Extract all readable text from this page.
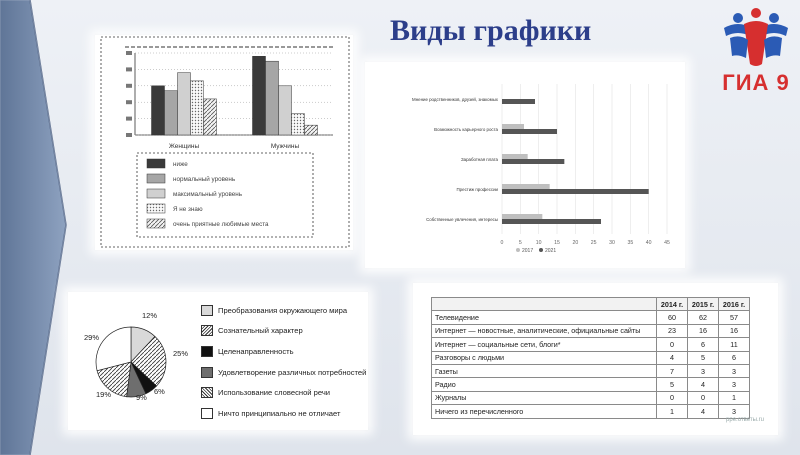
Виды графики
ГИА 9
Женщины	Мужчины
ниже
нормальный уровень
максимальный уровень
Я не знаю
очень приятные любимые места
Мнение родственников, друзей, знакомых
Возможность карьерного роста
Заработная плата
Престиж профессии
Собственные увлечения, интересы
0	5	10 15 20 25 30 35 40 45
2017 2021
12%
25%
6%
9%
19%
29%
Преобразования окружающего мира
Сознательный характер
Целенаправленность
Удовлетворение различных потребностей
Использование словесной речи
Ничто принципиально не отличает
	2014 г.	2015 г.	2016 г.
Телевидение	60	62	57
Интернет — новостные, аналитические, официальные сайты	23	16	16
Интернет — социальные сети, блоги*	0	6	11
Разговоры с людьми	4	5	6
Газеты	7	3	3
Радио	5	4	3
Журналы	0	0	1
Ничего из перечисленного	1	4	3
рре.ответы.ru
